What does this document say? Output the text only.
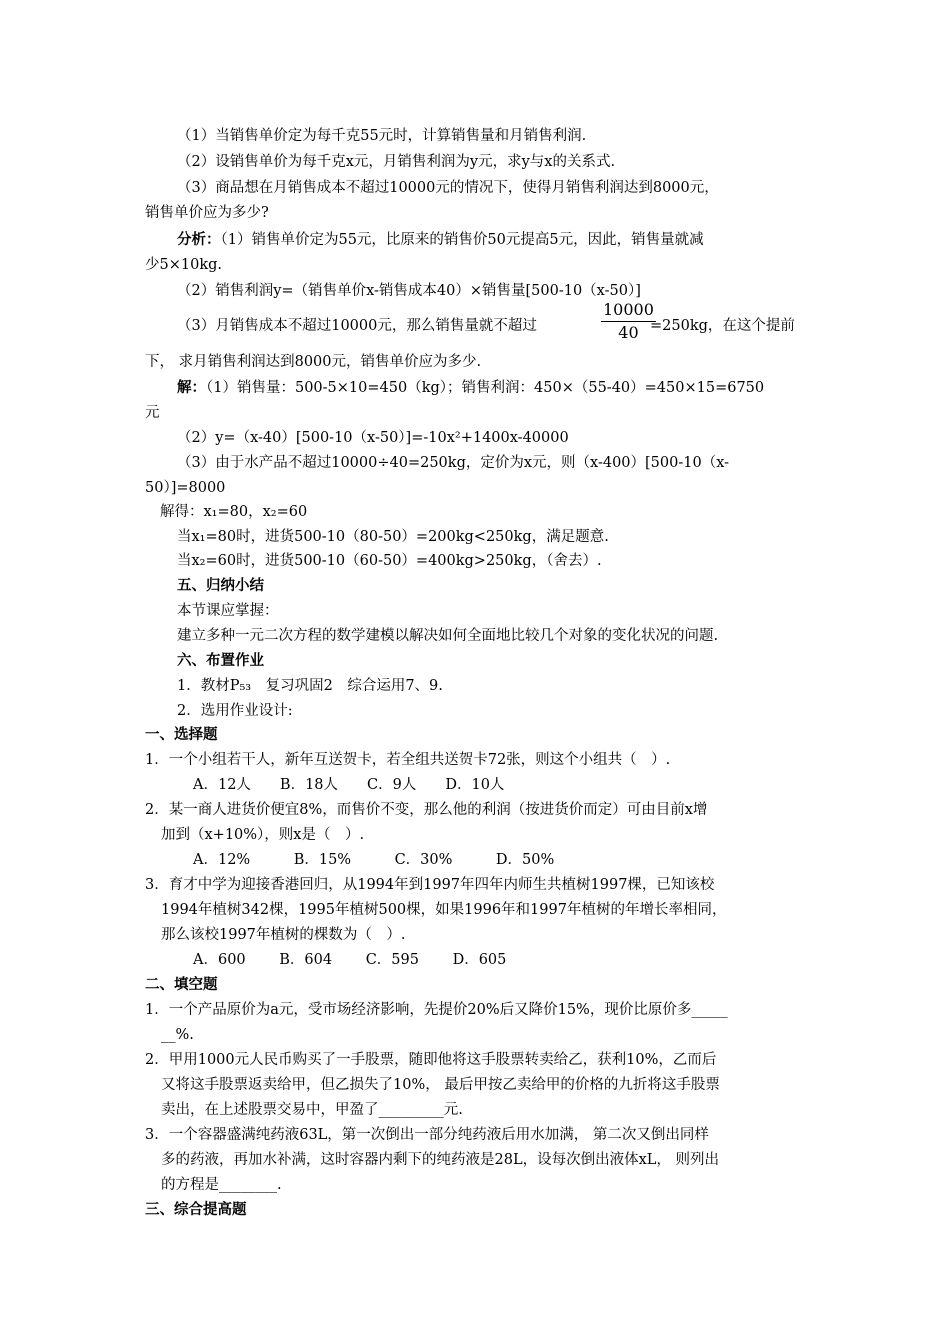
（1）当销售单价定为每千克55元时，计算销售量和月销售利润.
（2）设销售单价为每千克x元，月销售利润为y元，求y与x的关系式.
（3）商品想在月销售成本不超过10000元的情况下，使得月销售利润达到8000元，
销售单价应为多少?
分析：（1）销售单价定为55元，比原来的销售价50元提高5元，因此，销售量就减
少5×10kg.
（2）销售利润y=（销售单价x-销售成本40）×销售量[500-10（x-50）]
（3）月销售成本不超过10000元，那么销售量就不超过	$\frac{10000}{40}$
=250kg，在这个提前
下， 求月销售利润达到8000元，销售单价应为多少.
解：（1）销售量：500-5×10=450（kg）；销售利润：450×（55-40）=450×15=6750
元
（2）y=（x-40）[500-10（x-50）]=-10x²+1400x-40000
（3）由于水产品不超过10000÷40=250kg，定价为x元，则（x-400）[500-10（x-
50）]=8000
解得：x₁=80，x₂=60
当x₁=80时，进货500-10（80-50）=200kg<250kg，满足题意.
当x₂=60时，进货500-10（60-50）=400kg>250kg，（舍去）.
五、归纳小结
本节课应掌握：
建立多种一元二次方程的数学建模以解决如何全面地比较几个对象的变化状况的问题.
六、布置作业
1．教材P₅₃　复习巩固2　综合运用7、9.
2．选用作业设计:
一、选择题
1．一个小组若干人，新年互送贺卡，若全组共送贺卡72张，则这个小组共（　）.
A．12人　　B．18人　　C．9人　　D．10人
2．某一商人进货价便宜8%，而售价不变，那么他的利润（按进货价而定）可由目前x增
加到（x+10%），则x是（　）.
A．12%　　　B．15%　　　C．30%　　　D．50%
3．育才中学为迎接香港回归，从1994年到1997年四年内师生共植树1997棵，已知该校
1994年植树342棵，1995年植树500棵，如果1996年和1997年植树的年增长率相同，
那么该校1997年植树的棵数为（　）.
A．600　　 B．604　　 C．595　　 D．605
二、填空题
1．一个产品原价为a元，受市场经济影响，先提价20%后又降价15%，现价比原价多_____
__%.
2．甲用1000元人民币购买了一手股票，随即他将这手股票转卖给乙，获利10%，乙而后
又将这手股票返卖给甲，但乙损失了10%， 最后甲按乙卖给甲的价格的九折将这手股票
卖出，在上述股票交易中，甲盈了_________元.
3．一个容器盛满纯药液63L，第一次倒出一部分纯药液后用水加满， 第二次又倒出同样
多的药液，再加水补满，这时容器内剩下的纯药液是28L，设每次倒出液体xL， 则列出
的方程是________.
三、综合提高题
